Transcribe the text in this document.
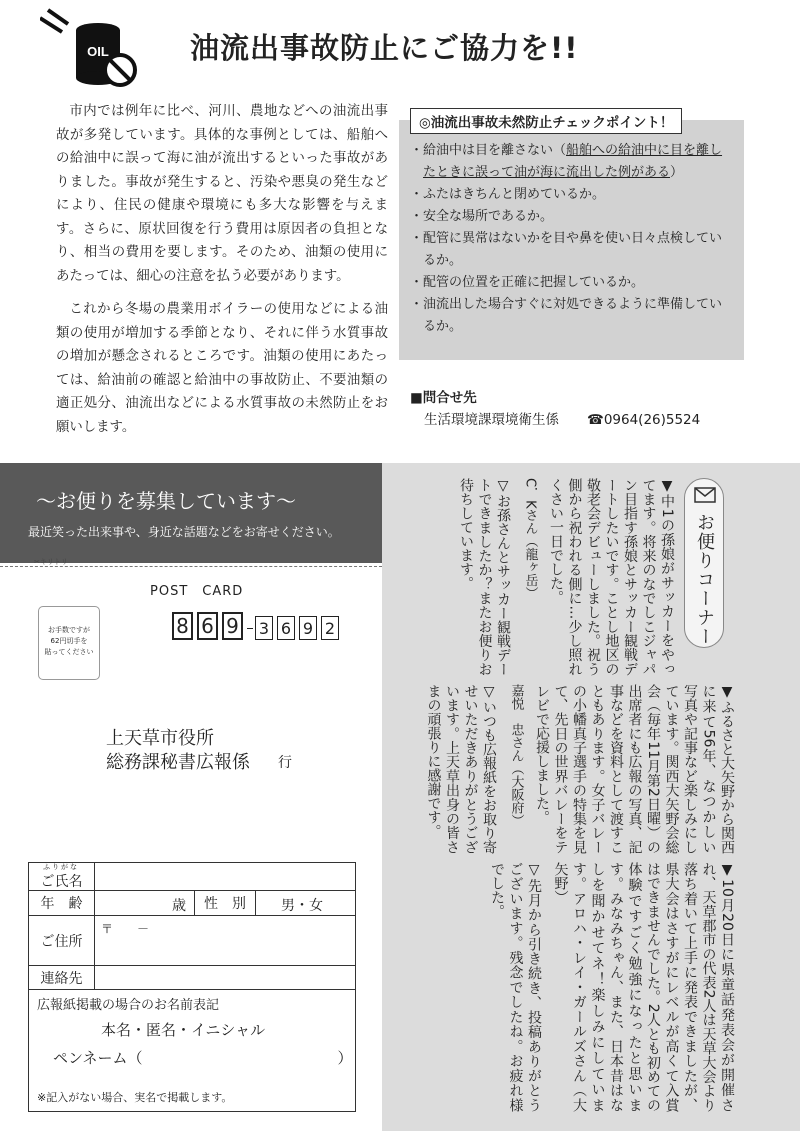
OIL	油流出事故防止にご協力を!!

市内では例年に比べ、河川、農地などへの油流出事故が多発しています。具体的な事例としては、船舶への給油中に誤って海に油が流出するといった事故がありました。事故が発生すると、汚染や悪臭の発生などにより、住民の健康や環境にも多大な影響を与えます。さらに、原状回復を行う費用は原因者の負担となり、相当の費用を要します。そのため、油類の使用にあたっては、細心の注意を払う必要があります。

これから冬場の農業用ボイラーの使用などによる油類の使用が増加する季節となり、それに伴う水質事故の増加が懸念されるところです。油類の使用にあたっては、給油前の確認と給油中の事故防止、不要油類の適正処分、油流出などによる水質事故の未然防止をお願いします。

◎油流出事故未然防止チェックポイント！
・ 給油中は目を離さない（船舶への給油中に目を離したときに誤って油が海に流出した例がある）
・ ふたはきちんと閉めているか。
・ 安全な場所であるか。
・ 配管に異常はないかを目や鼻を使い日々点検しているか。
・ 配管の位置を正確に把握しているか。
・ 油流出した場合すぐに対処できるように準備しているか。
■問合せ先
生活環境課環境衛生係 ☎0964(26)5524
〜お便りを募集しています〜
最近笑った出来事や、身近な話題などをお寄せください。
✂キリトリ
POST　CARD
お手数ですが
62円切手を
貼ってください
8 6 9 3 6 9 2
上天草市役所
総務課秘書広報係 行
ふりがな
ご氏名
年　齢	歳	性　別	男・女
ご住所
〒　　－
連絡先
広報紙掲載の場合のお名前表記
本名・匿名・イニシャル
ペンネーム（　　　　　　　　　　　　　）
※記入がない場合、実名で掲載します。
お便りコーナー

▼中1の孫娘がサッカーをやってます。将来のなでしこジャパン目指す孫娘とサッカー観戦デートしたいです。ことし地区の敬老会デビューしました。祝う側から祝われる側に…少し照れくさい一日でした。

C．Kさん（龍ヶ岳）

▽お孫さんとサッカー観戦デートできましたか？またお便りお待ちしています。

▼ふるさと大矢野から関西に来て56年、なつかしい写真や記事など楽しみにしています。関西大矢野会総会（毎年11月第2日曜）の出席者にも広報の写真、記事などを資料として渡すこともあります。女子バレーの小幡真子選手の特集を見て、先日の世界バレーをテレビで応援しました。

嘉悦　忠さん（大阪府）

▽いつも広報紙をお取り寄せいただきありがとうございます。上天草出身の皆さまの頑張りに感謝です。

▼10月20日に県童話発表会が開催され、天草郡市の代表2人は天草大会より落ち着いて上手に発表できましたが、県大会はさすがにレベルが高くて入賞はできませんでした。2人とも初めての体験ですごく勉強になったと思います。みなみちゃん、また、日本昔はなしを聞かせてネ！楽しみにしています。アロハ・レイ・ガールズさん（大矢野）

▽先月から引き続き、投稿ありがとうございます。残念でしたね。お疲れ様でした。
